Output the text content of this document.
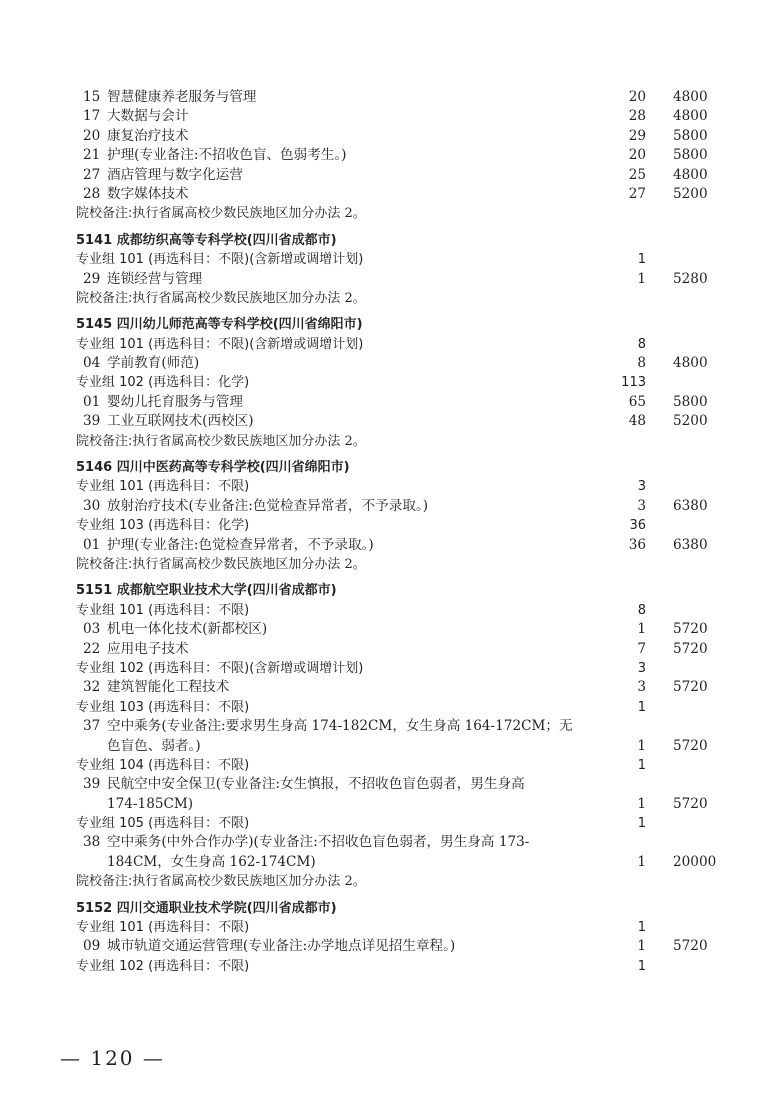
15 智慧健康养老服务与管理	20 4800
17 大数据与会计	28 4800
20 康复治疗技术	29 5800
21 护理(专业备注:不招收色盲、色弱考生。)	20 5800
27 酒店管理与数字化运营	25 4800
28 数字媒体技术	27 5200
院校备注:执行省属高校少数民族地区加分办法 2。
5141 成都纺织高等专科学校(四川省成都市)
专业组 101 (再选科目：不限)(含新增或调增计划)	1
29 连锁经营与管理	1 5280
院校备注:执行省属高校少数民族地区加分办法 2。
5145 四川幼儿师范高等专科学校(四川省绵阳市)
专业组 101 (再选科目：不限)(含新增或调增计划)	8
04 学前教育(师范)	8 4800
专业组 102 (再选科目：化学)	113
01 婴幼儿托育服务与管理	65 5800
39 工业互联网技术(西校区)	48 5200
院校备注:执行省属高校少数民族地区加分办法 2。
5146 四川中医药高等专科学校(四川省绵阳市)
专业组 101 (再选科目：不限)	3
30 放射治疗技术(专业备注:色觉检查异常者，不予录取。)	3 6380
专业组 103 (再选科目：化学)	36
01 护理(专业备注:色觉检查异常者，不予录取。)	36 6380
院校备注:执行省属高校少数民族地区加分办法 2。
5151 成都航空职业技术大学(四川省成都市)
专业组 101 (再选科目：不限)	8
03 机电一体化技术(新都校区)	1 5720
22 应用电子技术	7 5720
专业组 102 (再选科目：不限)(含新增或调增计划)	3
32 建筑智能化工程技术	3 5720
专业组 103 (再选科目：不限)	1
37 空中乘务(专业备注:要求男生身高 174-182CM，女生身高 164-172CM；无
色盲色、弱者。)	1 5720
专业组 104 (再选科目：不限)	1
39 民航空中安全保卫(专业备注:女生慎报，不招收色盲色弱者，男生身高
174-185CM)	1 5720
专业组 105 (再选科目：不限)	1
38 空中乘务(中外合作办学)(专业备注:不招收色盲色弱者，男生身高 173-
184CM，女生身高 162-174CM)	1 20000
院校备注:执行省属高校少数民族地区加分办法 2。
5152 四川交通职业技术学院(四川省成都市)
专业组 101 (再选科目：不限)	1
09 城市轨道交通运营管理(专业备注:办学地点详见招生章程。)	1 5720
专业组 102 (再选科目：不限)	1
— 120 —
